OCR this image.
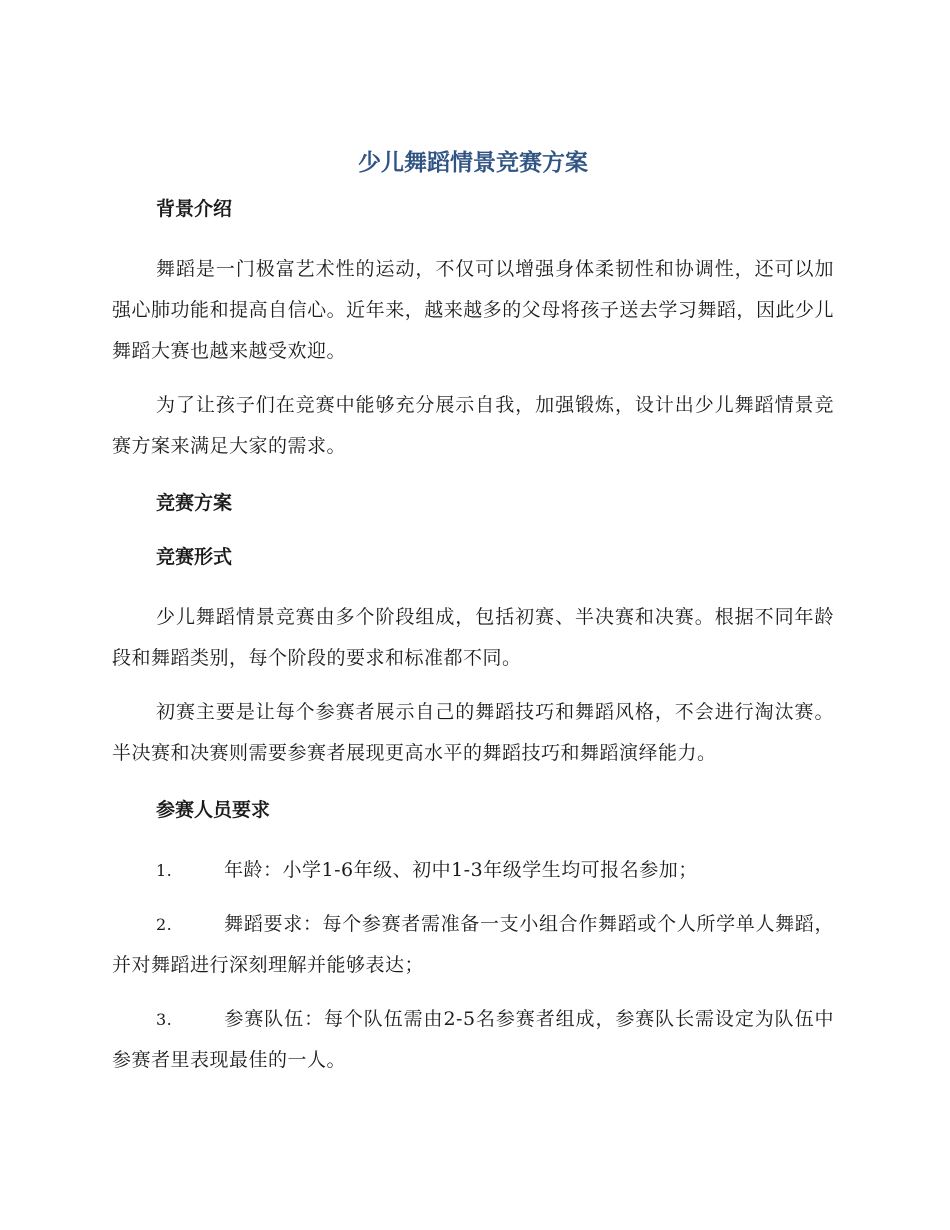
少儿舞蹈情景竞赛方案
背景介绍

舞蹈是一门极富艺术性的运动，不仅可以增强身体柔韧性和协调性，还可以加强心肺功能和提高自信心。近年来，越来越多的父母将孩子送去学习舞蹈，因此少儿舞蹈大赛也越来越受欢迎。

为了让孩子们在竞赛中能够充分展示自我，加强锻炼，设计出少儿舞蹈情景竞赛方案来满足大家的需求。

竞赛方案
竞赛形式

少儿舞蹈情景竞赛由多个阶段组成，包括初赛、半决赛和决赛。根据不同年龄段和舞蹈类别，每个阶段的要求和标准都不同。

初赛主要是让每个参赛者展示自己的舞蹈技巧和舞蹈风格，不会进行淘汰赛。半决赛和决赛则需要参赛者展现更高水平的舞蹈技巧和舞蹈演绎能力。

参赛人员要求

1.	年龄：小学1-6年级、初中1-3年级学生均可报名参加；

2.	舞蹈要求：每个参赛者需准备一支小组合作舞蹈或个人所学单人舞蹈，并对舞蹈进行深刻理解并能够表达；

3.	参赛队伍：每个队伍需由2-5名参赛者组成，参赛队长需设定为队伍中参赛者里表现最佳的一人。
